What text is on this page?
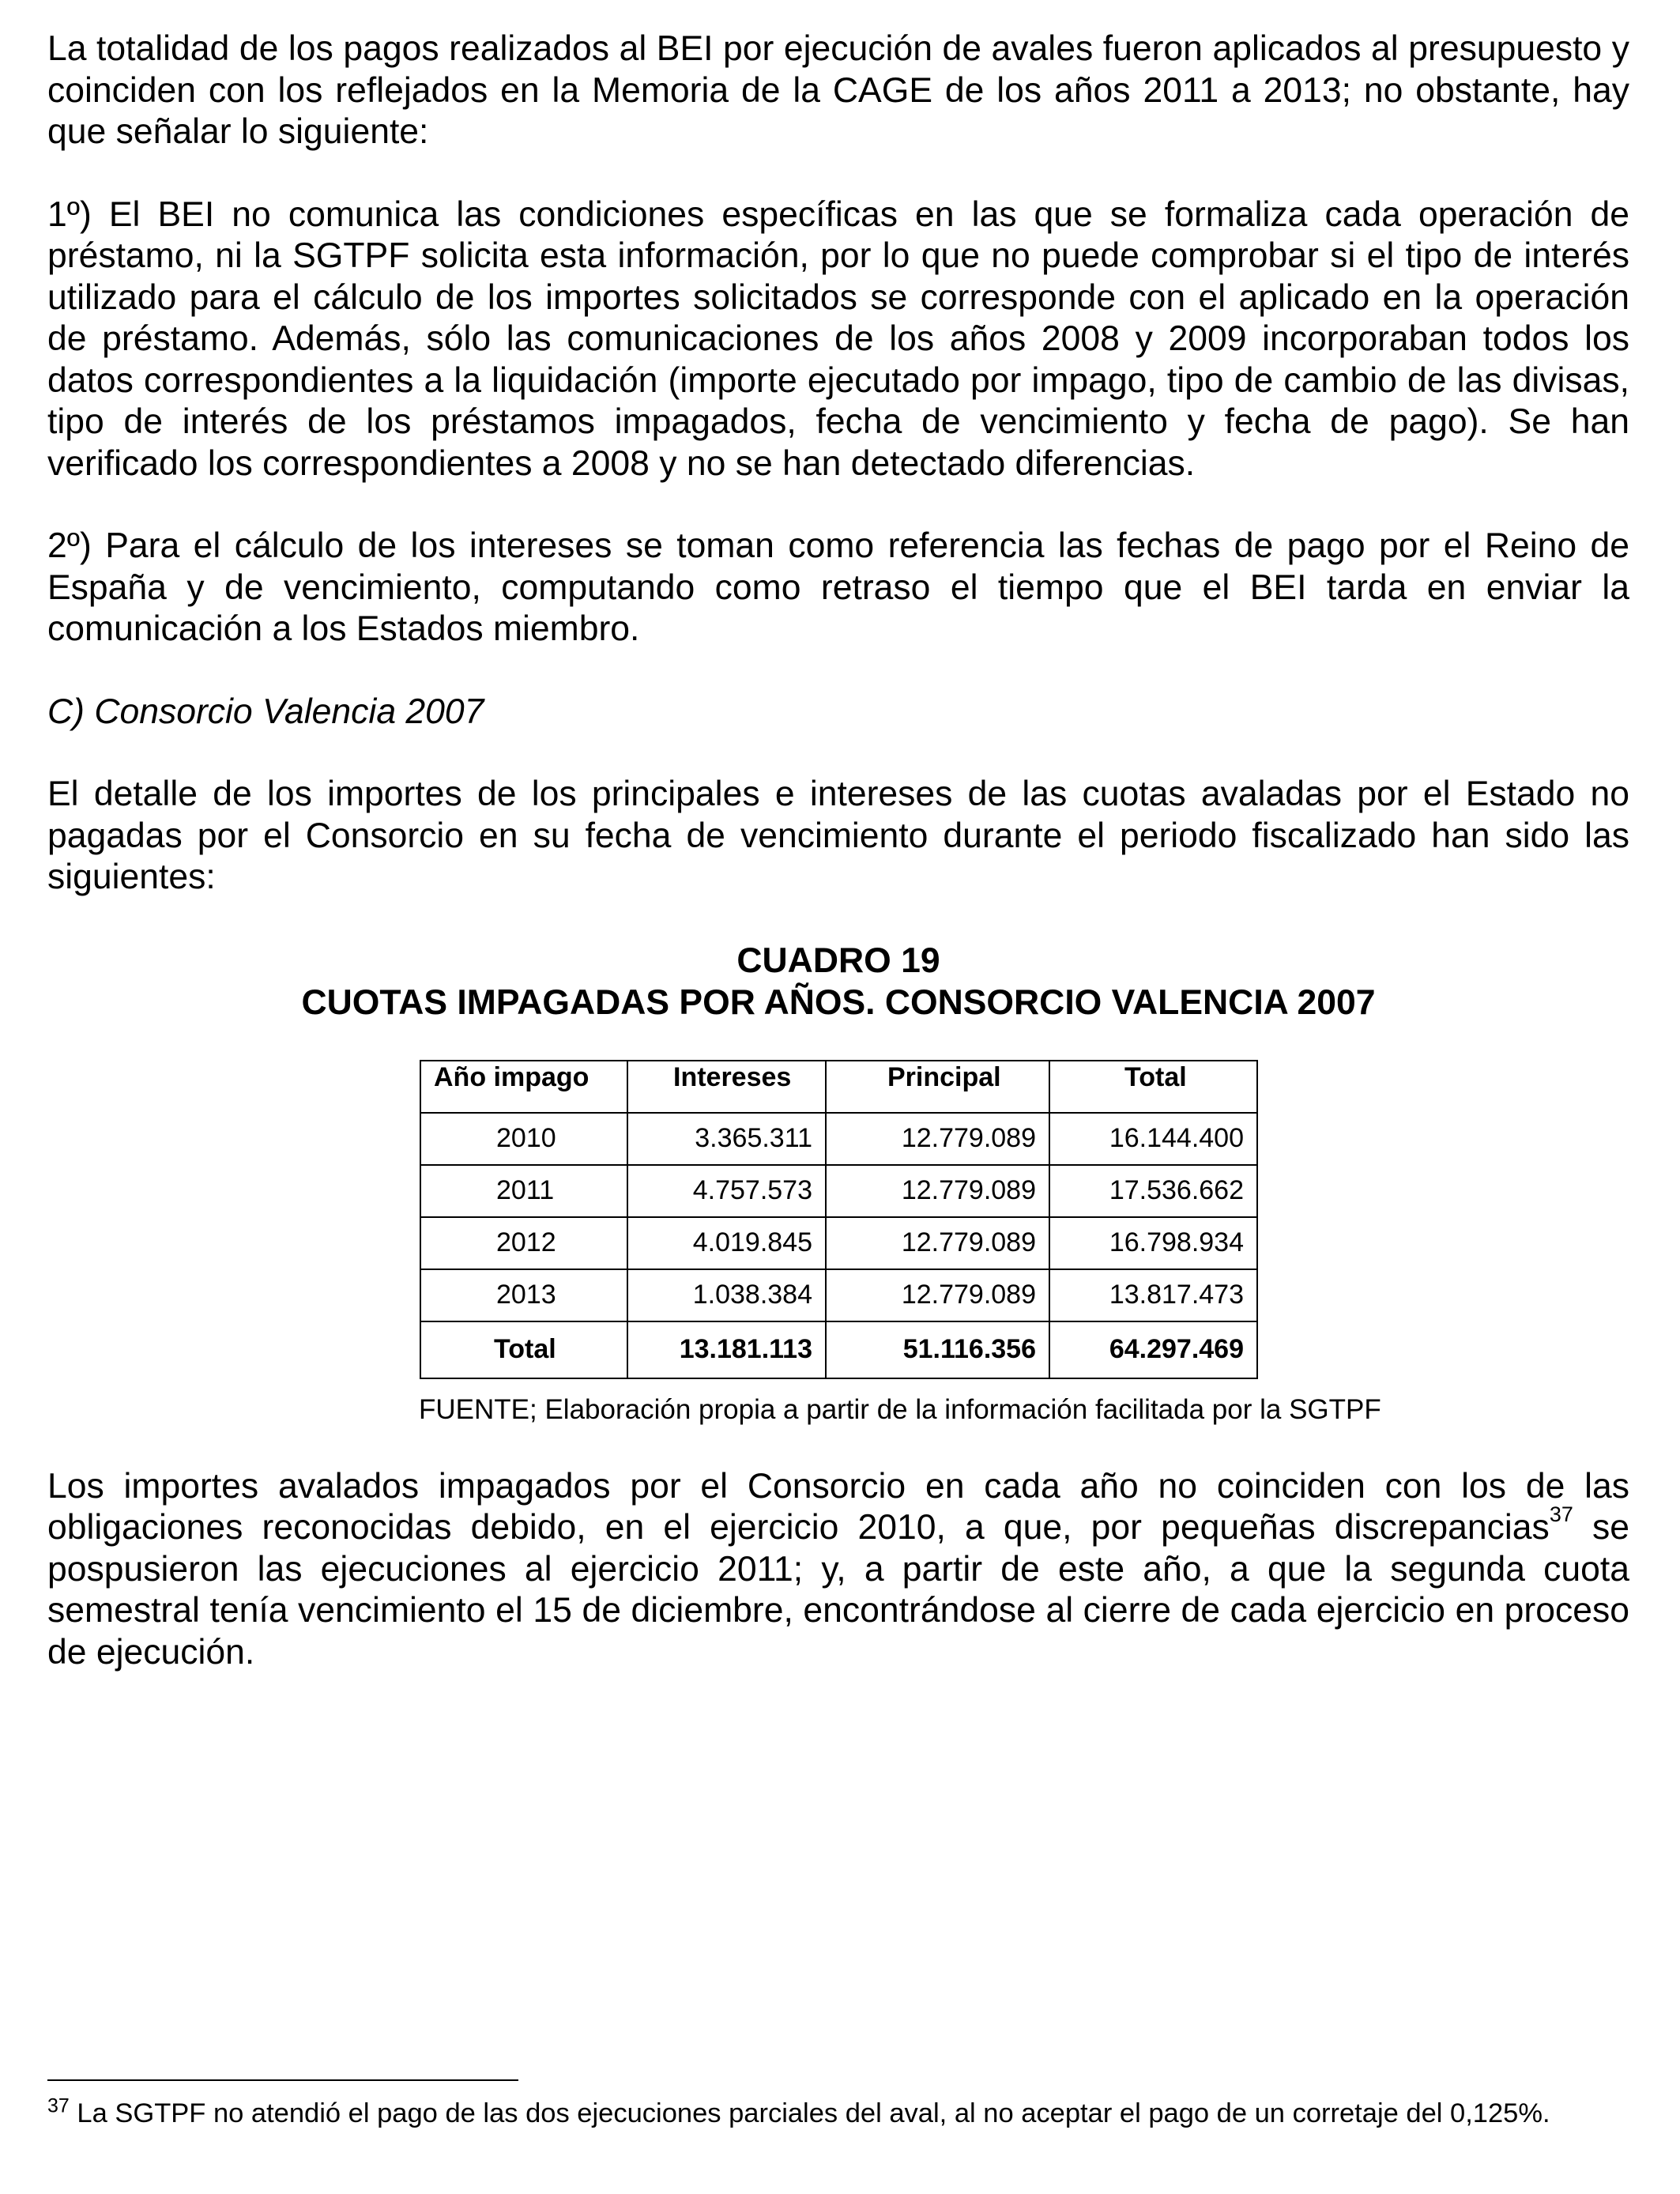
La totalidad de los pagos realizados al BEI por ejecución de avales fueron aplicados al presupuesto y coinciden con los reflejados en la Memoria de la CAGE de los años 2011 a 2013; no obstante, hay que señalar lo siguiente:

1º) El BEI no comunica las condiciones específicas en las que se formaliza cada operación de préstamo, ni la SGTPF solicita esta información, por lo que no puede comprobar si el tipo de interés utilizado para el cálculo de los importes solicitados se corresponde con el aplicado en la operación de préstamo. Además, sólo las comunicaciones de los años 2008 y 2009 incorporaban todos los datos correspondientes a la liquidación (importe ejecutado por impago, tipo de cambio de las divisas, tipo de interés de los préstamos impagados, fecha de vencimiento y fecha de pago). Se han verificado los correspondientes a 2008 y no se han detectado diferencias.

2º) Para el cálculo de los intereses se toman como referencia las fechas de pago por el Reino de España y de vencimiento, computando como retraso el tiempo que el BEI tarda en enviar la comunicación a los Estados miembro.

C) Consorcio Valencia 2007

El detalle de los importes de los principales e intereses de las cuotas avaladas por el Estado no pagadas por el Consorcio en su fecha de vencimiento durante el periodo fiscalizado han sido las siguientes:

CUADRO 19
CUOTAS IMPAGADAS POR AÑOS. CONSORCIO VALENCIA 2007
Año impago	Intereses	Principal	Total
2010	3.365.311	12.779.089	16.144.400
2011	4.757.573	12.779.089	17.536.662
2012	4.019.845	12.779.089	16.798.934
2013	1.038.384	12.779.089	13.817.473
Total	13.181.113	51.116.356	64.297.469
FUENTE; Elaboración propia a partir de la información facilitada por la SGTPF

Los importes avalados impagados por el Consorcio en cada año no coinciden con los de las obligaciones reconocidas debido, en el ejercicio 2010, a que, por pequeñas discrepancias$^{37}$ se pospusieron las ejecuciones al ejercicio 2011; y, a partir de este año, a que la segunda cuota semestral tenía vencimiento el 15 de diciembre, encontrándose al cierre de cada ejercicio en proceso de ejecución.

$^{37}$ La SGTPF no atendió el pago de las dos ejecuciones parciales del aval, al no aceptar el pago de un corretaje del 0,125%.
